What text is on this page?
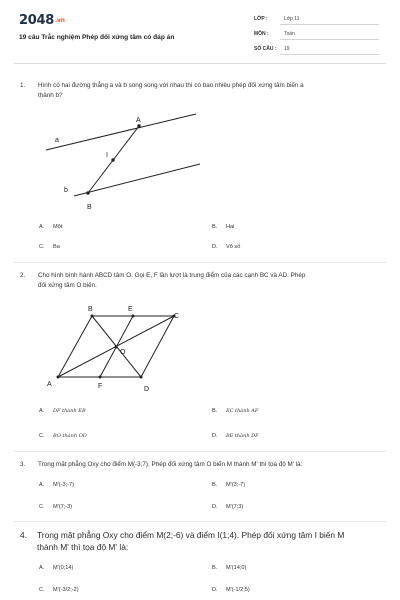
2048.vn
19 câu Trắc nghiệm Phép đối xứng tâm có đáp án
LỚP :	Lớp 11
MÔN :	Toán
SỐ CÂU : 19
1. Hình có hai đường thẳng a và b song song với nhau thì có bao nhiêu phép đối xứng tâm biến a
thành b?
a
b
A
B
I
A. Một	B. Hai
C. Ba	D. Vô số
2. Cho hình bình hành ABCD tâm O. Gọi E, F lần lượt là trung điểm của các cạnh BC và AD. Phép
đối xứng tâm O biến.
A
B
C
D
E
F
O
A. DF thành EB	B. EC thành AF
C. BO thành OD	D. BE thành DF
3. Trong mặt phẳng Oxy cho điểm M(-3;7). Phép đối xứng tâm O biến M thành M' thì tọa độ M' là:
A. M'(-3;-7)	B. M'(3;-7)
C. M'(7;-3)	D. M'(7;3)
4. Trong mặt phẳng Oxy cho điểm M(2;-6) và điểm I(1;4). Phép đối xứng tâm I biến M
thành M' thì tọa độ M' là:
A. M'(0;14)	B. M'(14;0)
C. M'(-3/2;-2)	D. M'(-1/2;5)
